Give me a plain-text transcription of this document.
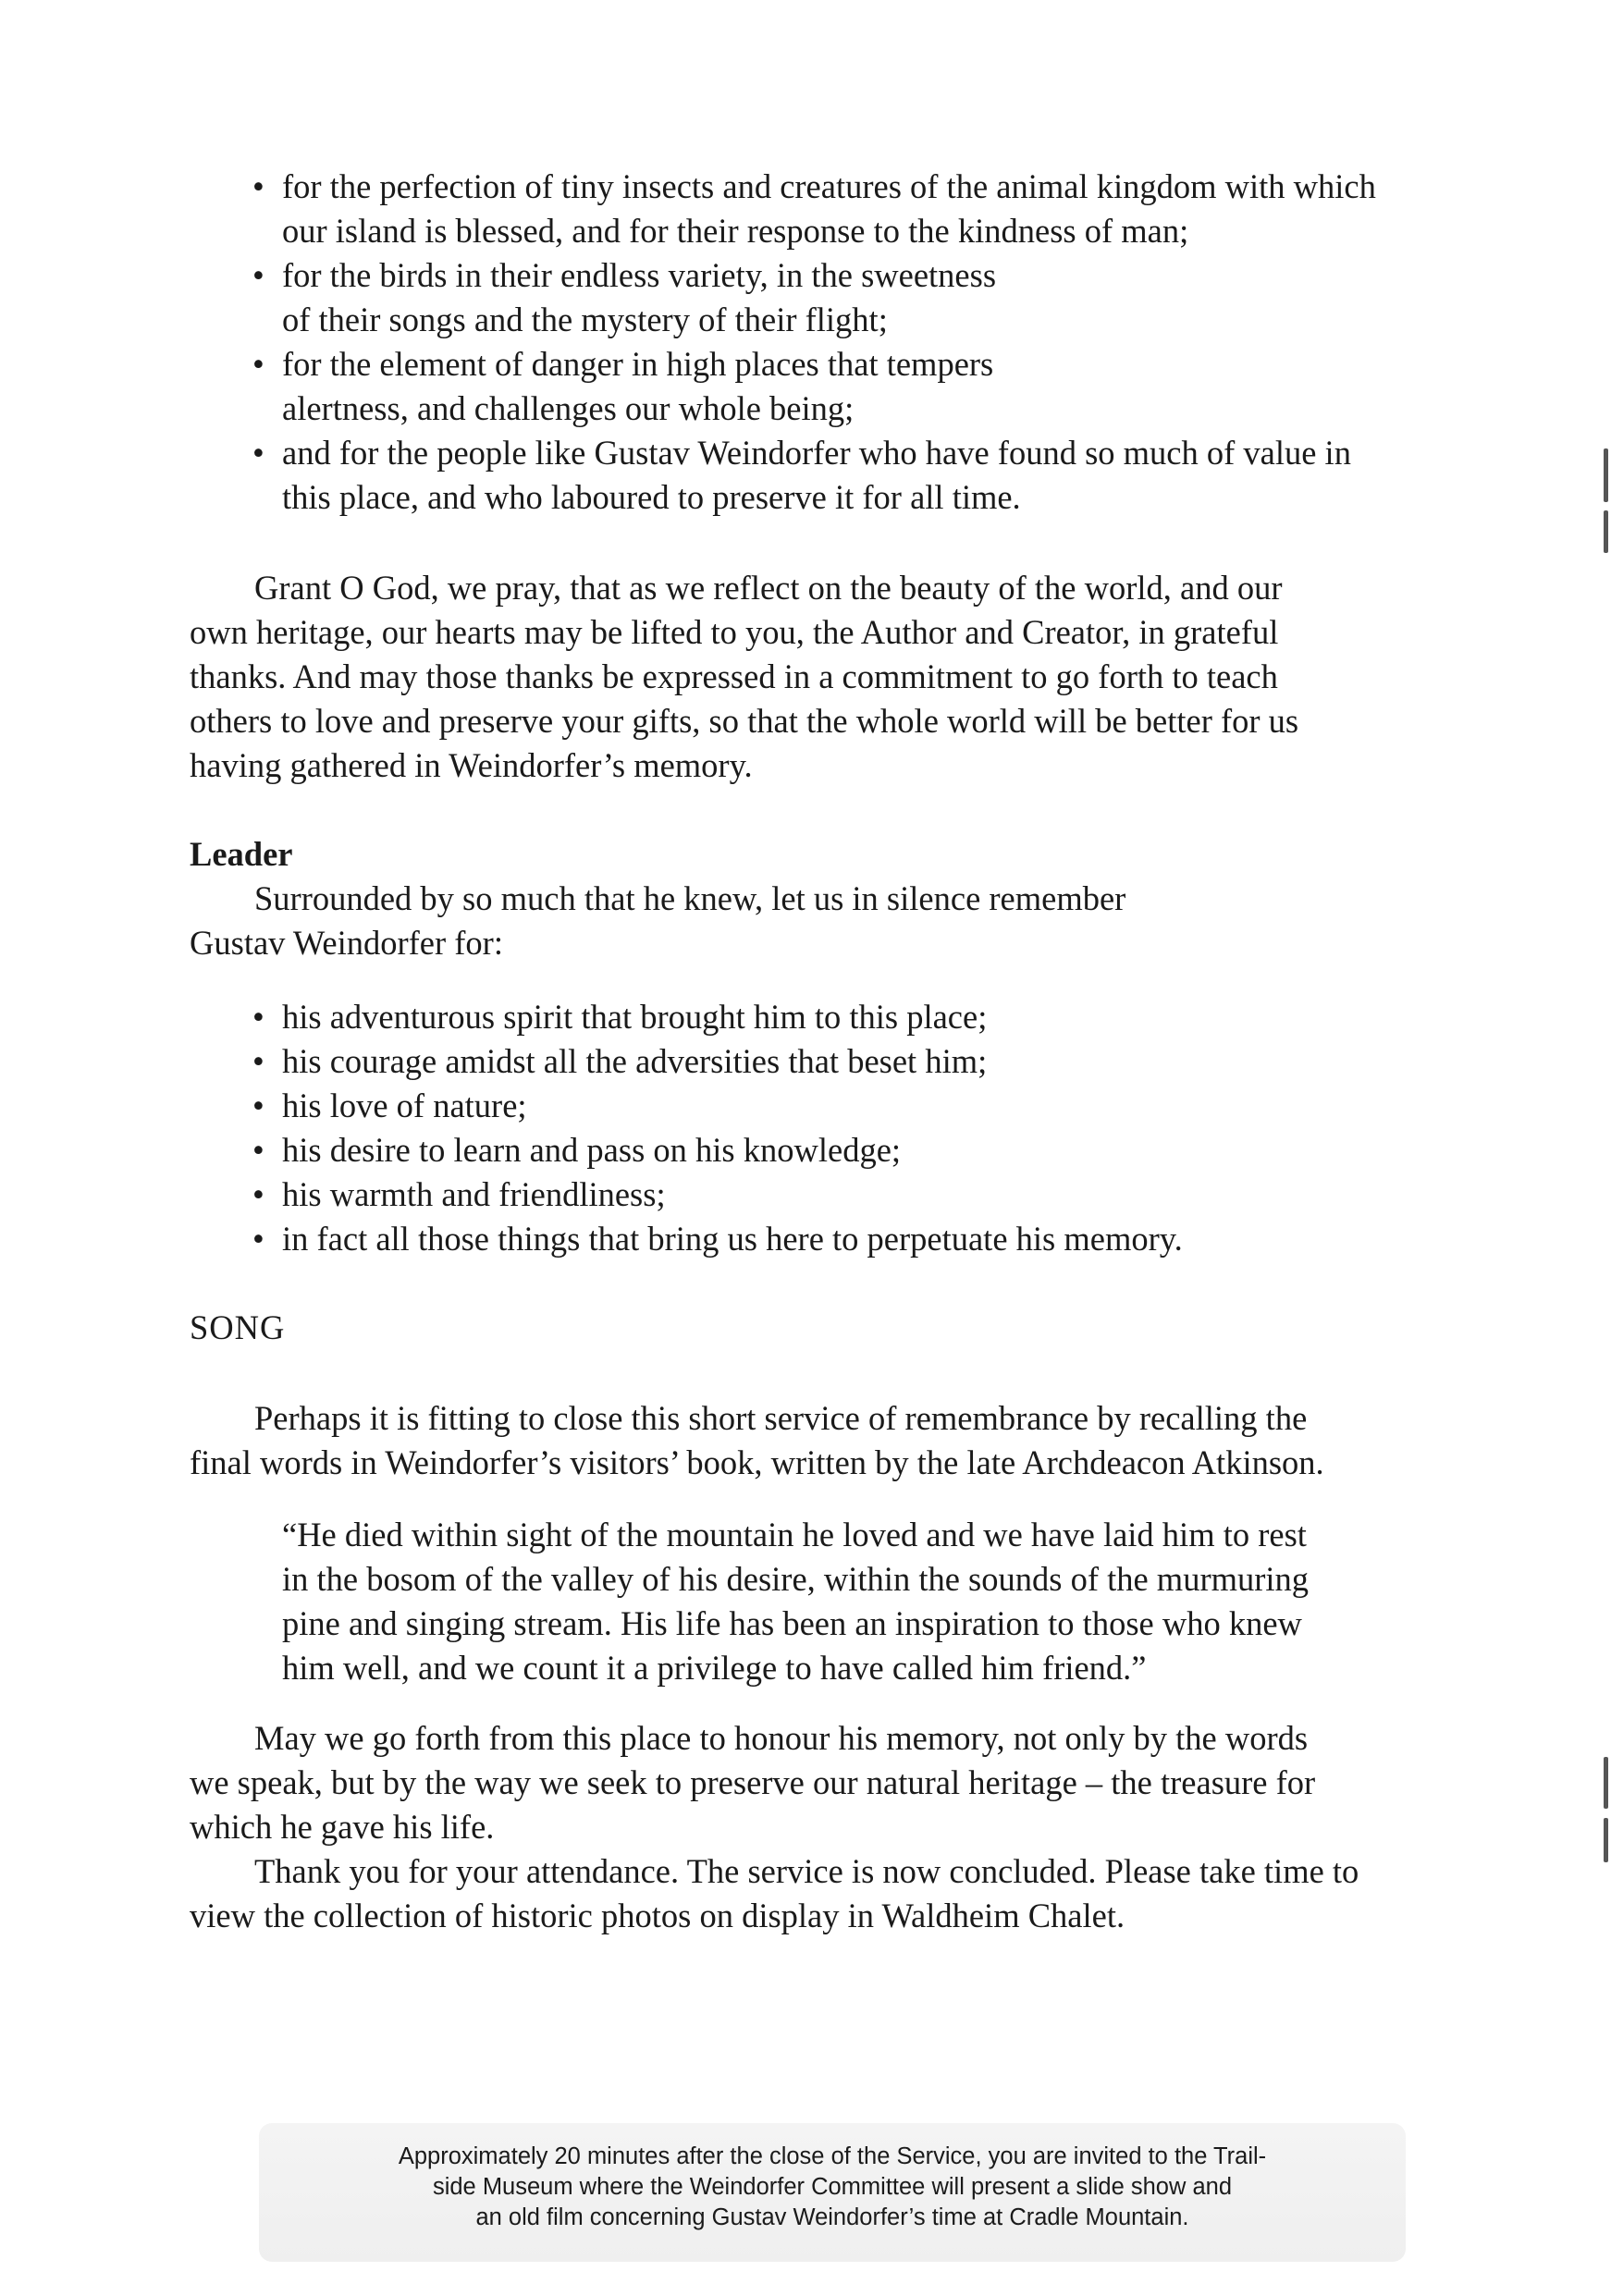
• for the perfection of tiny insects and creatures of the animal kingdom with which
our island is blessed, and for their response to the kindness of man;
• for the birds in their endless variety, in the sweetness
of their songs and the mystery of their flight;
• for the element of danger in high places that tempers
alertness, and challenges our whole being;
• and for the people like Gustav Weindorfer who have found so much of value in
this place, and who laboured to preserve it for all time.

Grant O God, we pray, that as we reflect on the beauty of the world, and our
own heritage, our hearts may be lifted to you, the Author and Creator, in grateful
thanks. And may those thanks be expressed in a commitment to go forth to teach
others to love and preserve your gifts, so that the whole world will be better for us
having gathered in Weindorfer’s memory.

Leader

Surrounded by so much that he knew, let us in silence remember
Gustav Weindorfer for:

• his adventurous spirit that brought him to this place;
• his courage amidst all the adversities that beset him;
• his love of nature;
• his desire to learn and pass on his knowledge;
• his warmth and friendliness;
• in fact all those things that bring us here to perpetuate his memory.

SONG

Perhaps it is fitting to close this short service of remembrance by recalling the
final words in Weindorfer’s visitors’ book, written by the late Archdeacon Atkinson.

“He died within sight of the mountain he loved and we have laid him to rest
in the bosom of the valley of his desire, within the sounds of the murmuring
pine and singing stream. His life has been an inspiration to those who knew
him well, and we count it a privilege to have called him friend.”

May we go forth from this place to honour his memory, not only by the words
we speak, but by the way we seek to preserve our natural heritage – the treasure for
which he gave his life.

Thank you for your attendance. The service is now concluded. Please take time to
view the collection of historic photos on display in Waldheim Chalet.

Approximately 20 minutes after the close of the Service, you are invited to the Trail-
side Museum where the Weindorfer Committee will present a slide show and
an old film concerning Gustav Weindorfer’s time at Cradle Mountain.
